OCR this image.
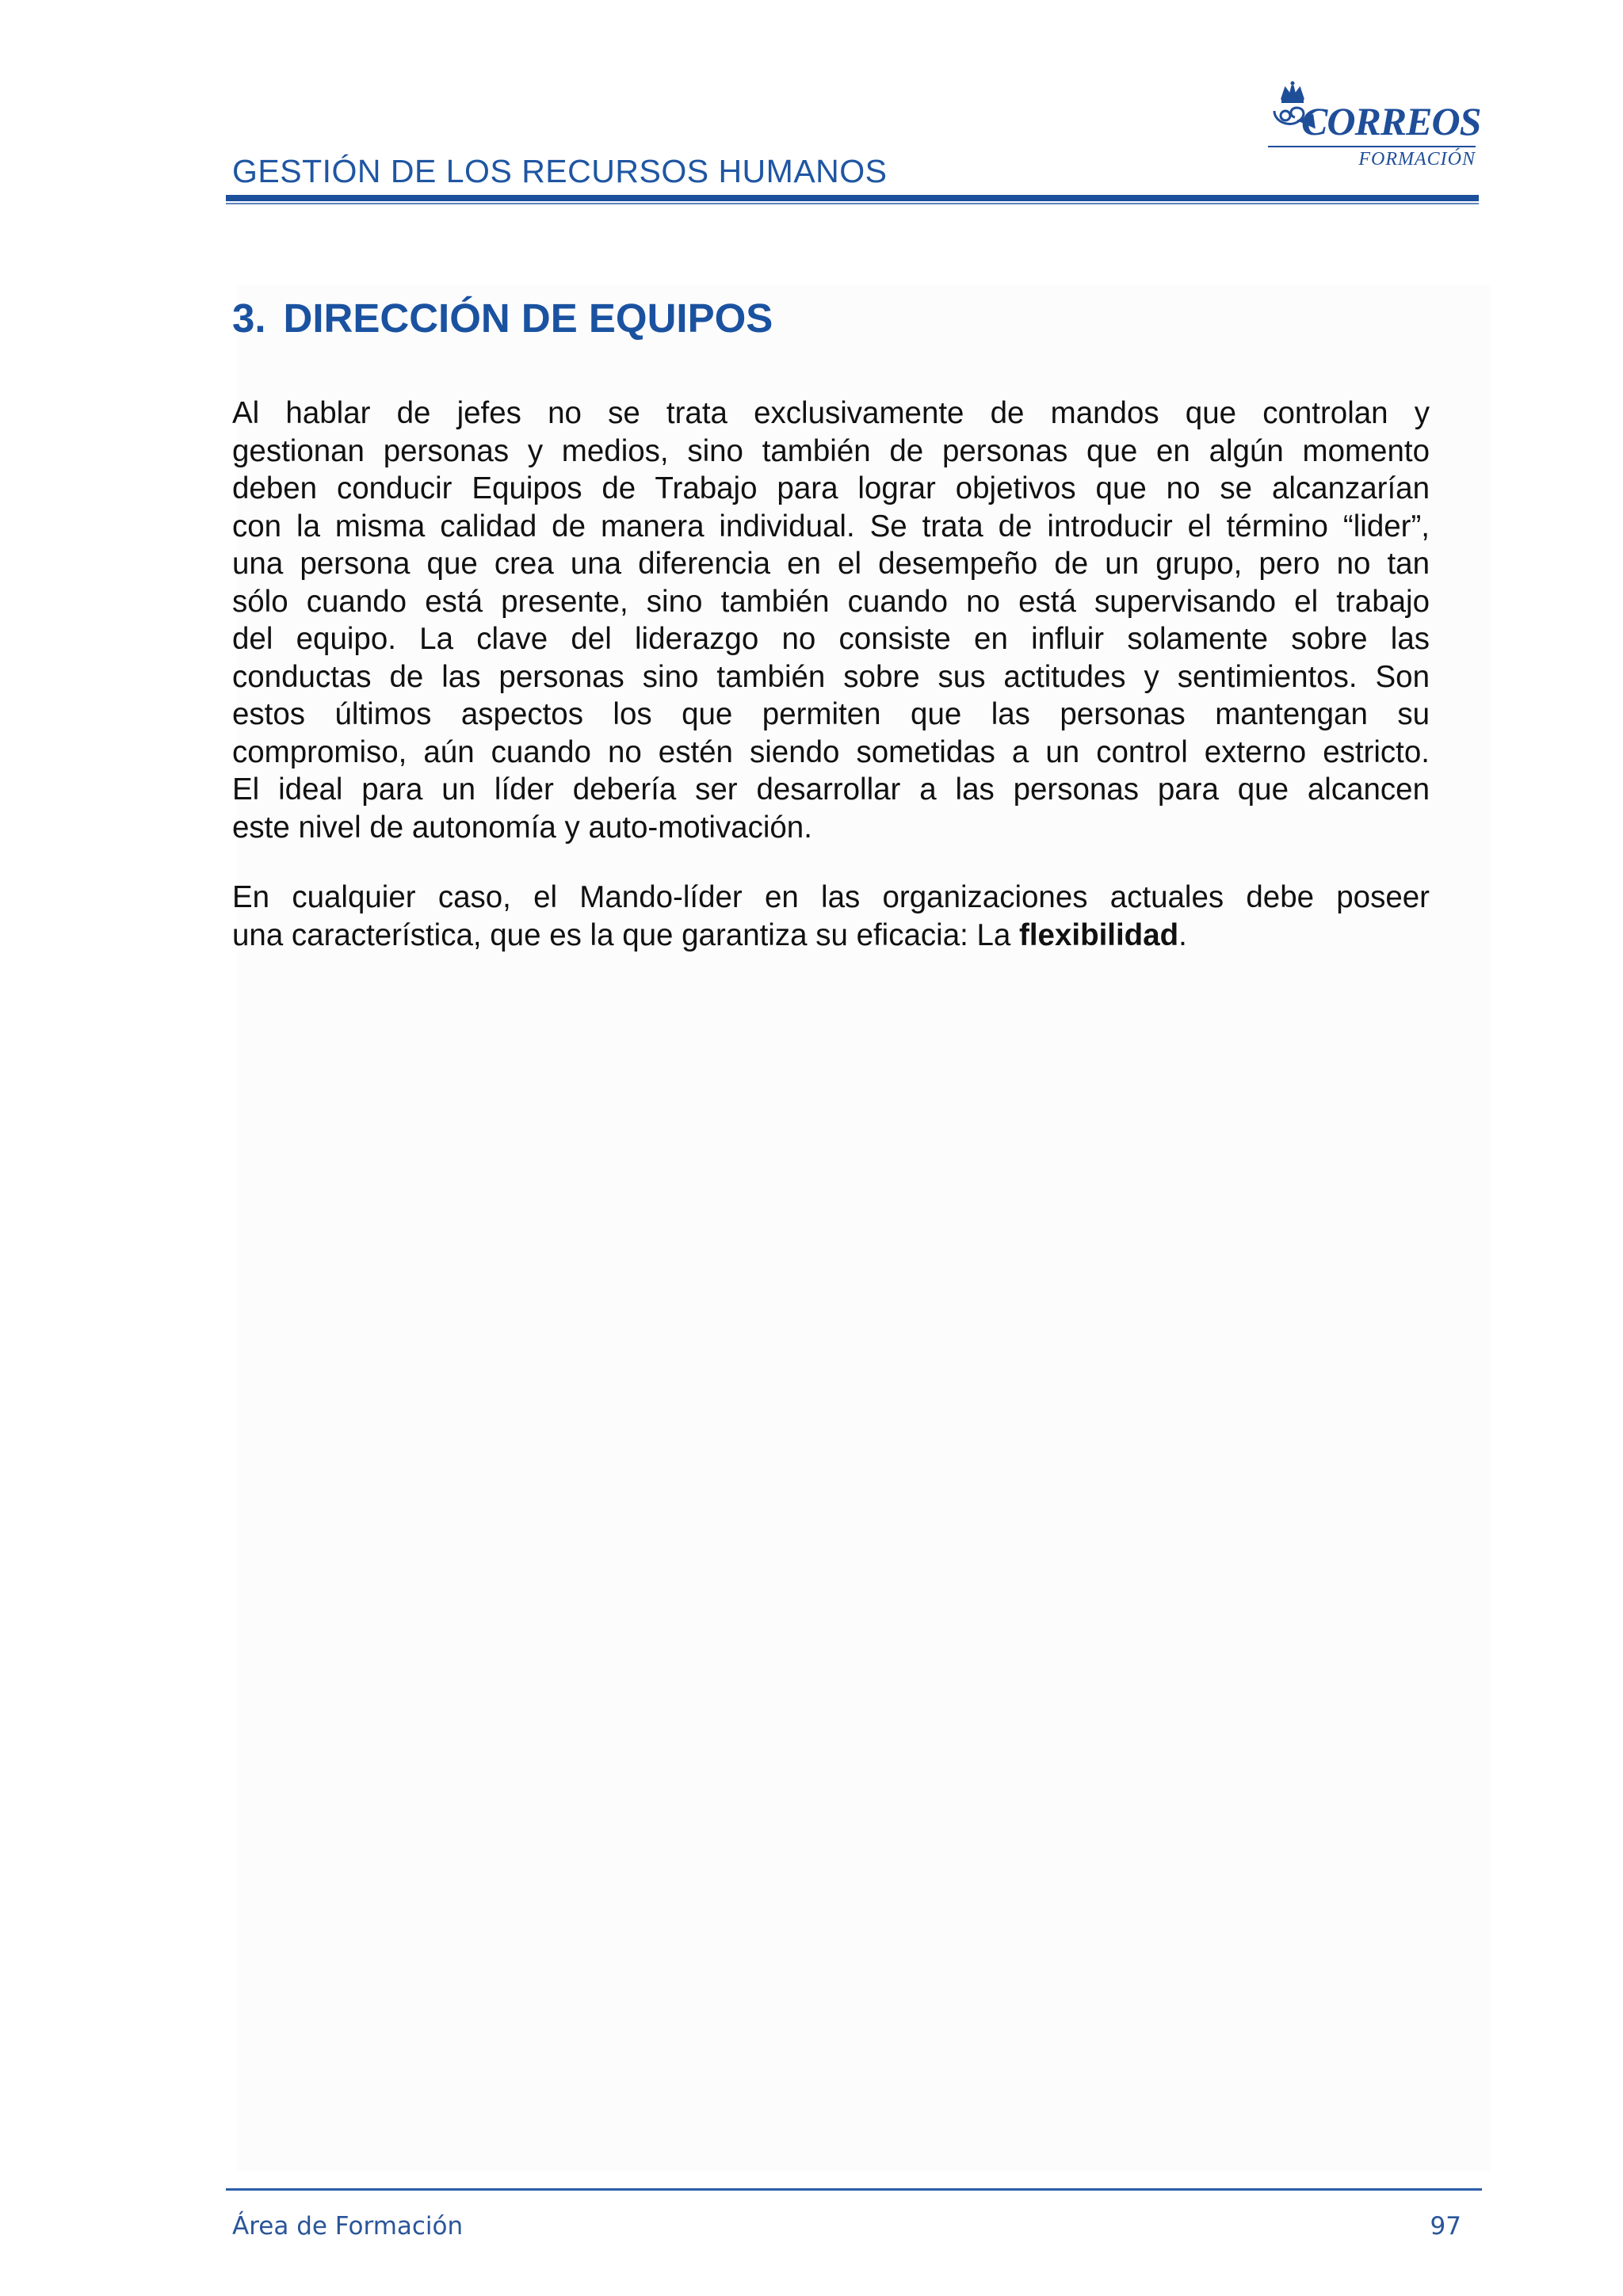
GESTIÓN DE LOS RECURSOS HUMANOS
CORREOS
FORMACIÓN
3. DIRECCIÓN DE EQUIPOS
Al hablar de jefes no se trata exclusivamente de mandos que controlan y
gestionan personas y medios, sino también de personas que en algún momento
deben conducir Equipos de Trabajo para lograr objetivos que no se alcanzarían
con la misma calidad de manera individual. Se trata de introducir el término “lider”,
una persona que crea una diferencia en el desempeño de un grupo, pero no tan
sólo cuando está presente, sino también cuando no está supervisando el trabajo
del equipo. La clave del liderazgo no consiste en influir solamente sobre las
conductas de las personas sino también sobre sus actitudes y sentimientos. Son
estos últimos aspectos los que permiten que las personas mantengan su
compromiso, aún cuando no estén siendo sometidas a un control externo estricto.
El ideal para un líder debería ser desarrollar a las personas para que alcancen
este nivel de autonomía y auto-motivación.
En cualquier caso, el Mando-líder en las organizaciones actuales debe poseer
una característica, que es la que garantiza su eficacia: La flexibilidad.
Área de Formación	97
